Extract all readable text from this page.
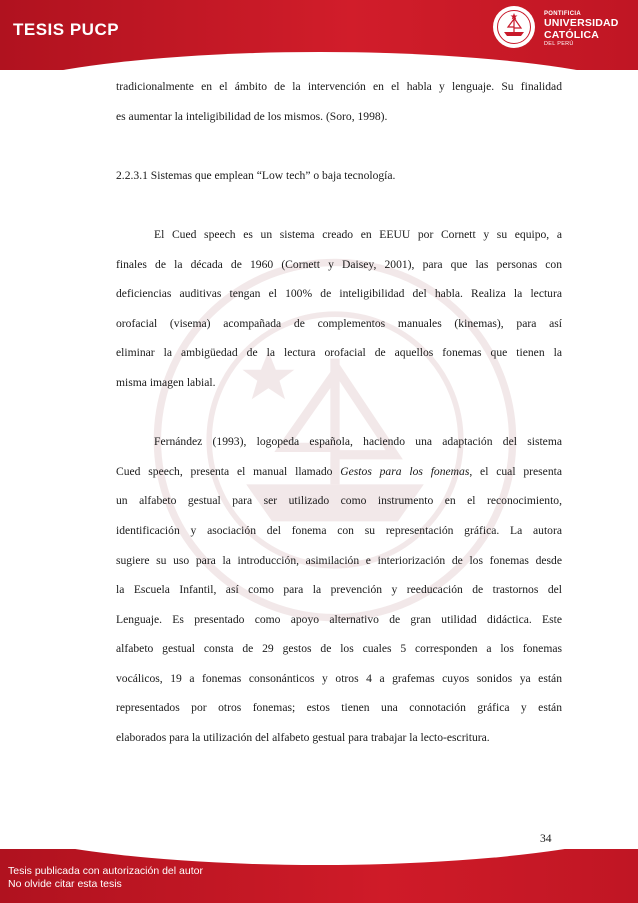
TESIS PUCP
PONTIFICIA
UNIVERSIDAD
CATÓLICA
DEL PERÚ
tradicionalmente en el ámbito de la intervención en el habla y lenguaje. Su finalidad
es aumentar la inteligibilidad de los mismos. (Soro, 1998).
2.2.3.1 Sistemas que emplean “Low tech” o baja tecnología.
El Cued speech es un sistema creado en EEUU por Cornett y su equipo, a
finales de la década de 1960 (Cornett y Daisey, 2001), para que las personas con
deficiencias auditivas tengan el 100% de inteligibilidad del habla. Realiza la lectura
orofacial (visema) acompañada de complementos manuales (kinemas), para así
eliminar la ambigüedad de la lectura orofacial de aquellos fonemas que tienen la
misma imagen labial.
Fernández (1993), logopeda española, haciendo una adaptación del sistema
Cued speech, presenta el manual llamado Gestos para los fonemas, el cual presenta
un alfabeto gestual para ser utilizado como instrumento en el reconocimiento,
identificación y asociación del fonema con su representación gráfica. La autora
sugiere su uso para la introducción, asimilación e interiorización de los fonemas desde
la Escuela Infantil, así como para la prevención y reeducación de trastornos del
Lenguaje. Es presentado como apoyo alternativo de gran utilidad didáctica. Este
alfabeto gestual consta de 29 gestos de los cuales 5 corresponden a los fonemas
vocálicos, 19 a fonemas consonánticos y otros 4 a grafemas cuyos sonidos ya están
representados por otros fonemas; estos tienen una connotación gráfica y están
elaborados para la utilización del alfabeto gestual para trabajar la lecto-escritura.
34
Tesis publicada con autorización del autor
No olvide citar esta tesis
